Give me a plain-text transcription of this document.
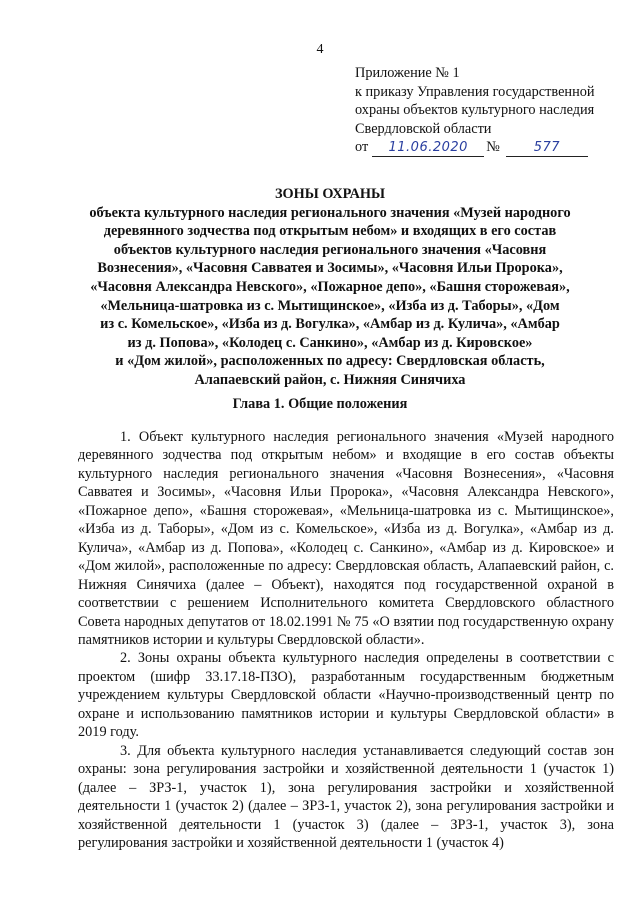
4
Приложение № 1
к приказу Управления государственной
охраны объектов культурного наследия
Свердловской области
от	11.06.2020	№	577
ЗОНЫ ОХРАНЫ
объекта культурного наследия регионального значения «Музей народного
деревянного зодчества под открытым небом» и входящих в его состав
объектов культурного наследия регионального значения «Часовня
Вознесения», «Часовня Савватея и Зосимы», «Часовня Ильи Пророка»,
«Часовня Александра Невского», «Пожарное депо», «Башня сторожевая»,
«Мельница-шатровка из с. Мытищинское», «Изба из д. Таборы», «Дом
из с. Комельское», «Изба из д. Вогулка», «Амбар из д. Кулича», «Амбар
из д. Попова», «Колодец с. Санкино», «Амбар из д. Кировское»
и «Дом жилой», расположенных по адресу: Свердловская область,
Алапаевский район, с. Нижняя Синячиха
Глава 1. Общие положения

1. Объект культурного наследия регионального значения «Музей народного деревянного зодчества под открытым небом» и входящие в его состав объекты культурного наследия регионального значения «Часовня Вознесения», «Часовня Савватея и Зосимы», «Часовня Ильи Пророка», «Часовня Александра Невского», «Пожарное депо», «Башня сторожевая», «Мельница-шатровка из с. Мытищинское», «Изба из д. Таборы», «Дом из с. Комельское», «Изба из д. Вогулка», «Амбар из д. Кулича», «Амбар из д. Попова», «Колодец с. Санкино», «Амбар из д. Кировское» и «Дом жилой», расположенные по адресу: Свердловская область, Алапаевский район, с. Нижняя Синячиха (далее – Объект), находятся под государственной охраной в соответствии с решением Исполнительного комитета Свердловского областного Совета народных депутатов от 18.02.1991 № 75 «О взятии под государственную охрану памятников истории и культуры Свердловской области».

2. Зоны охраны объекта культурного наследия определены в соответствии с проектом (шифр 33.17.18-ПЗО), разработанным государственным бюджетным учреждением культуры Свердловской области «Научно-производственный центр по охране и использованию памятников истории и культуры Свердловской области» в 2019 году.

3. Для объекта культурного наследия устанавливается следующий состав зон охраны: зона регулирования застройки и хозяйственной деятельности 1 (участок 1) (далее – ЗРЗ-1, участок 1), зона регулирования застройки и хозяйственной деятельности 1 (участок 2) (далее – ЗРЗ-1, участок 2), зона регулирования застройки и хозяйственной деятельности 1 (участок 3) (далее – ЗРЗ-1, участок 3), зона регулирования застройки и хозяйственной деятельности 1 (участок 4)
